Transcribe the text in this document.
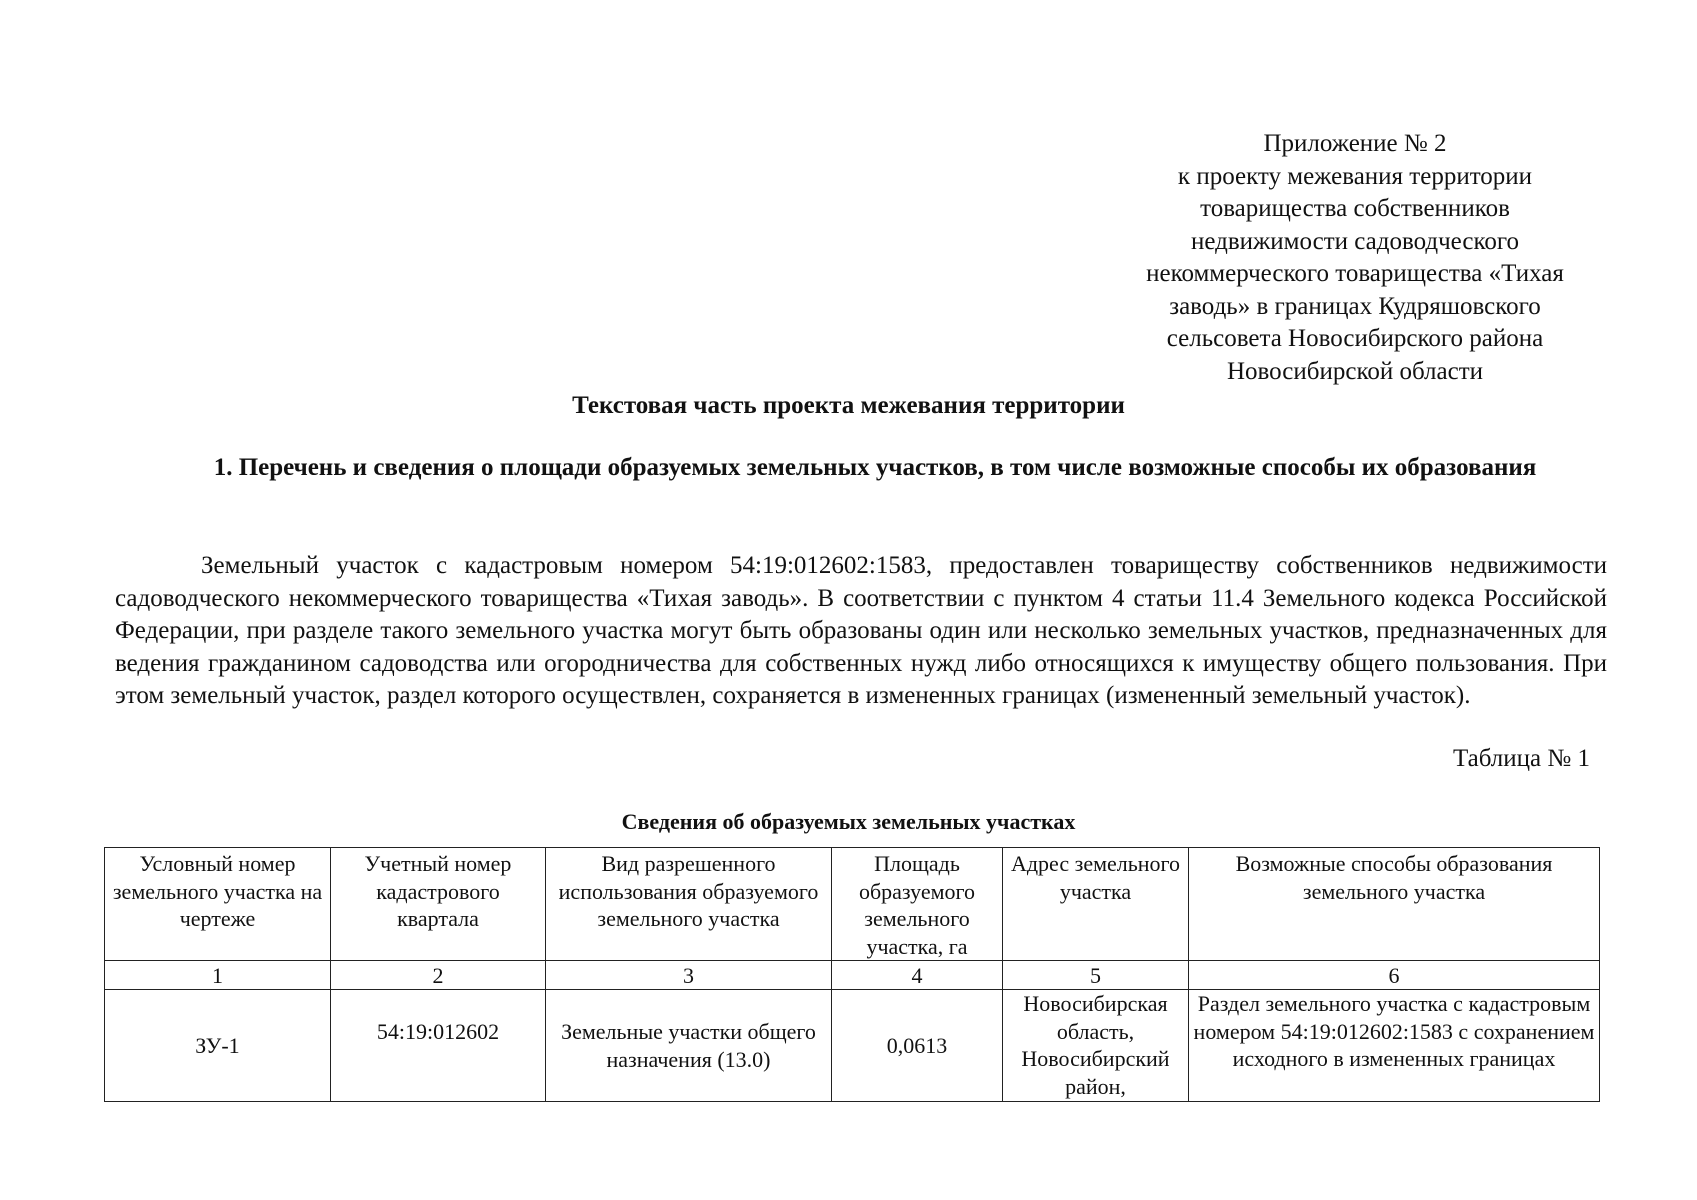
Приложение № 2
к проекту межевания территории
товарищества собственников
недвижимости садоводческого
некоммерческого товарищества «Тихая
заводь» в границах Кудряшовского
сельсовета Новосибирского района
Новосибирской области
Текстовая часть проекта межевания территории
1. Перечень и сведения о площади образуемых земельных участков, в том числе возможные способы их образования

Земельный участок с кадастровым номером 54:19:012602:1583, предоставлен товариществу собственников недвижимости садоводческого некоммерческого товарищества «Тихая заводь». В соответствии с пунктом 4 статьи 11.4 Земельного кодекса Российской Федерации, при разделе такого земельного участка могут быть образованы один или несколько земельных участков, предназначенных для ведения гражданином садоводства или огородничества для собственных нужд либо относящихся к имуществу общего пользования. При этом земельный участок, раздел которого осуществлен, сохраняется в измененных границах (измененный земельный участок).

Таблица № 1
Сведения об образуемых земельных участках
Условный номер земельного участка на чертеже	Учетный номер кадастрового квартала	Вид разрешенного использования образуемого земельного участка	Площадь образуемого земельного участка, га	Адрес земельного участка	Возможные способы образования земельного участка
1	2	3	4	5	6
ЗУ-1	54:19:012602	Земельные участки общего назначения (13.0)	0,0613	Новосибирская область, Новосибирский район,	Раздел земельного участка с кадастровым номером 54:19:012602:1583 с сохранением исходного в измененных границах
